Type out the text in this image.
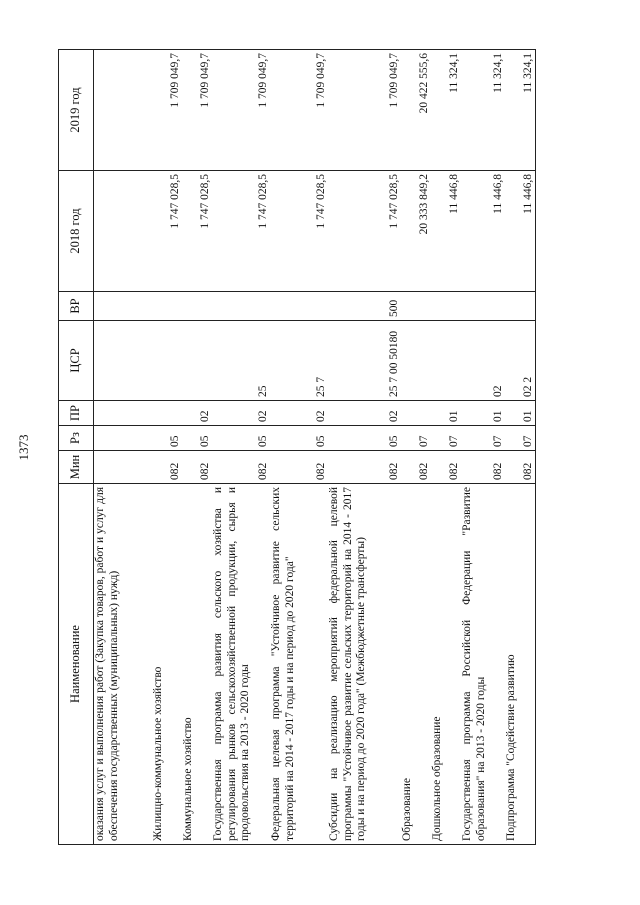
1373
Наименование	Мин	Рз	ПР	ЦСР	ВР	2018 год	2019 год
оказания услуг и выполнения работ (Закупка товаров, работ и услуг для обеспечения государственных (муниципальных) нужд)							
Жилищно-коммунальное хозяйство	082	05				1 747 028,5	1 709 049,7
Коммунальное хозяйство	082	05	02			1 747 028,5	1 709 049,7
Государственная программа развития сельского хозяйства и регулирования рынков сельскохозяйственной продукции, сырья и продовольствия на 2013 - 2020 годы	082	05	02	25		1 747 028,5	1 709 049,7
Федеральная целевая программа "Устойчивое развитие сельских территорий на 2014 - 2017 годы и на период до 2020 года"	082	05	02	25 7		1 747 028,5	1 709 049,7
Субсидии на реализацию мероприятий федеральной целевой программы "Устойчивое развитие сельских территорий на 2014 - 2017 годы и на период до 2020 года" (Межбюджетные трансферты)	082	05	02	25 7 00 50180	500	1 747 028,5	1 709 049,7
Образование	082	07				20 333 849,2	20 422 555,6
Дошкольное образование	082	07	01			11 446,8	11 324,1
Государственная программа Российской Федерации "Развитие образования" на 2013 - 2020 годы	082	07	01	02		11 446,8	11 324,1
Подпрограмма "Содействие развитию	082	07	01	02 2		11 446,8	11 324,1
